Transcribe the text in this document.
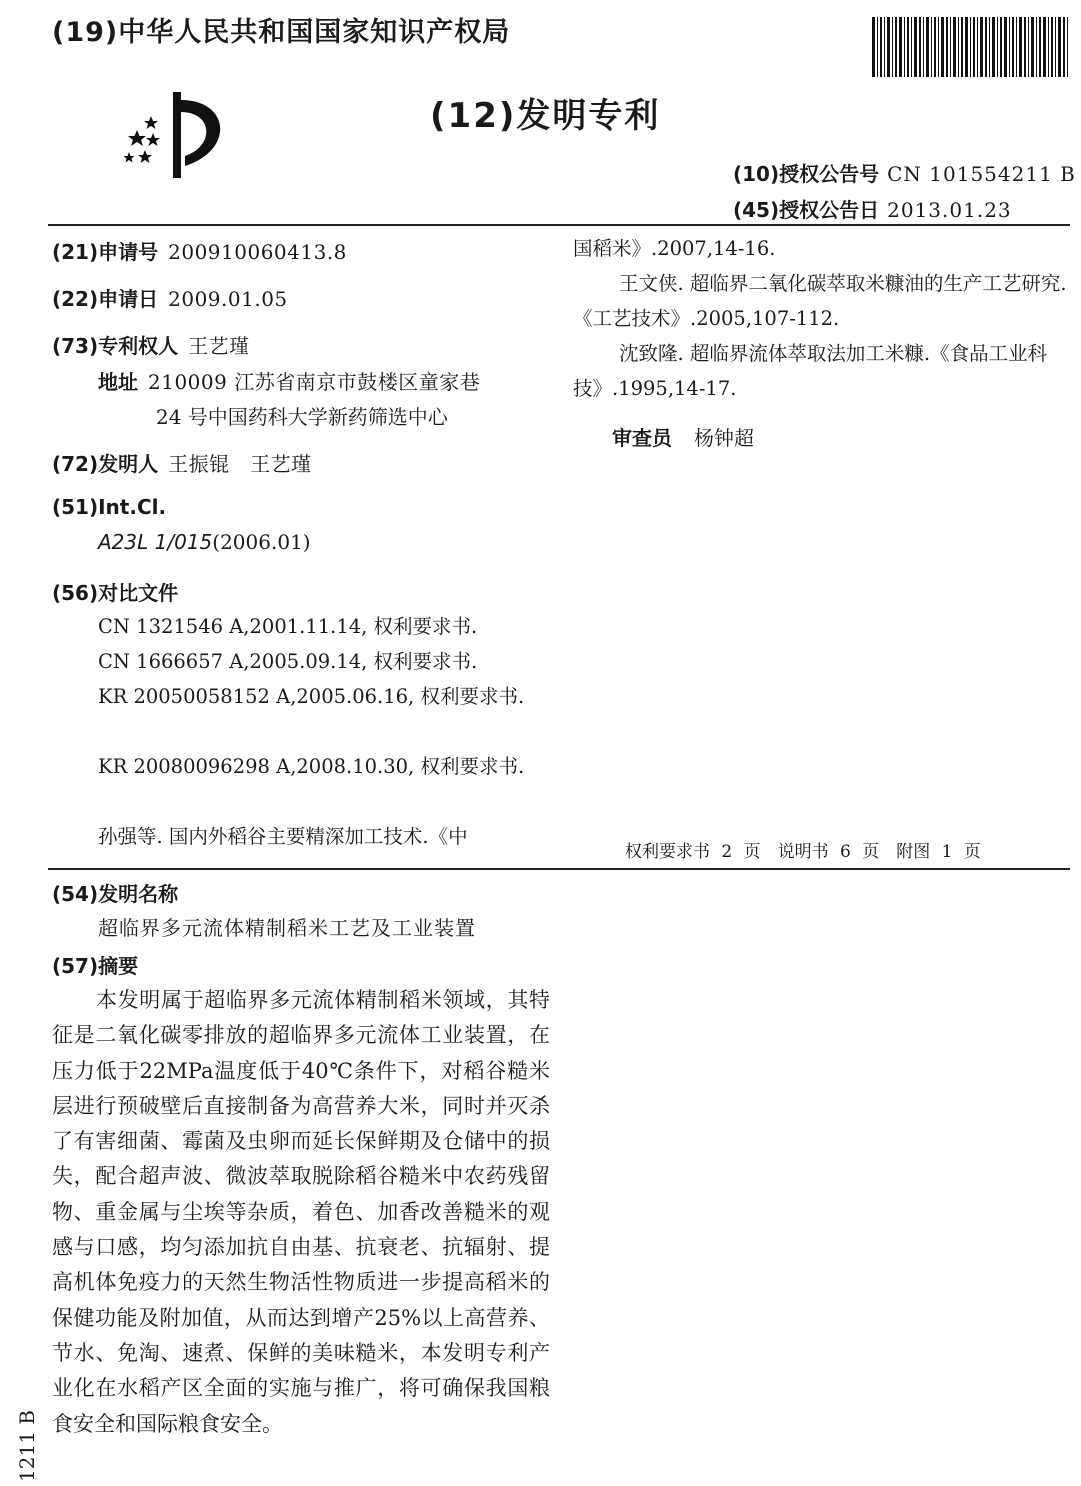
(19)中华人民共和国国家知识产权局
(12)发明专利
(10)授权公告号 CN 101554211 B
(45)授权公告日 2013.01.23
(21)申请号 200910060413.8
(22)申请日 2009.01.05
(73)专利权人 王艺瑾
地址 210009 江苏省南京市鼓楼区童家巷
24 号中国药科大学新药筛选中心
(72)发明人 王振锟　王艺瑾
(51)Int.Cl.
A23L 1/015(2006.01)
(56)对比文件
CN 1321546 A,2001.11.14, 权利要求书.
CN 1666657 A,2005.09.14, 权利要求书.
KR 20050058152 A,2005.06.16, 权利要求书.
KR 20080096298 A,2008.10.30, 权利要求书.
孙强等. 国内外稻谷主要精深加工技术.《中

国稻米》.2007,14-16.

王文侠. 超临界二氧化碳萃取米糠油的生产工艺研究.《工艺技术》.2005,107-112.

沈致隆. 超临界流体萃取法加工米糠.《食品工业科技》.1995,14-17.

审查员 杨钟超
权利要求书 2 页　说明书 6 页　附图 1 页
(54)发明名称
超临界多元流体精制稻米工艺及工业装置
(57)摘要

本发明属于超临界多元流体精制稻米领域，其特征是二氧化碳零排放的超临界多元流体工业装置，在压力低于22MPa温度低于40℃条件下，对稻谷糙米层进行预破壁后直接制备为高营养大米，同时并灭杀了有害细菌、霉菌及虫卵而延长保鲜期及仓储中的损失，配合超声波、微波萃取脱除稻谷糙米中农药残留物、重金属与尘埃等杂质，着色、加香改善糙米的观感与口感，均匀添加抗自由基、抗衰老、抗辐射、提高机体免疫力的天然生物活性物质进一步提高稻米的保健功能及附加值，从而达到增产25%以上高营养、节水、免淘、速煮、保鲜的美味糙米，本发明专利产业化在水稻产区全面的实施与推广，将可确保我国粮食安全和国际粮食安全。

1211 B
